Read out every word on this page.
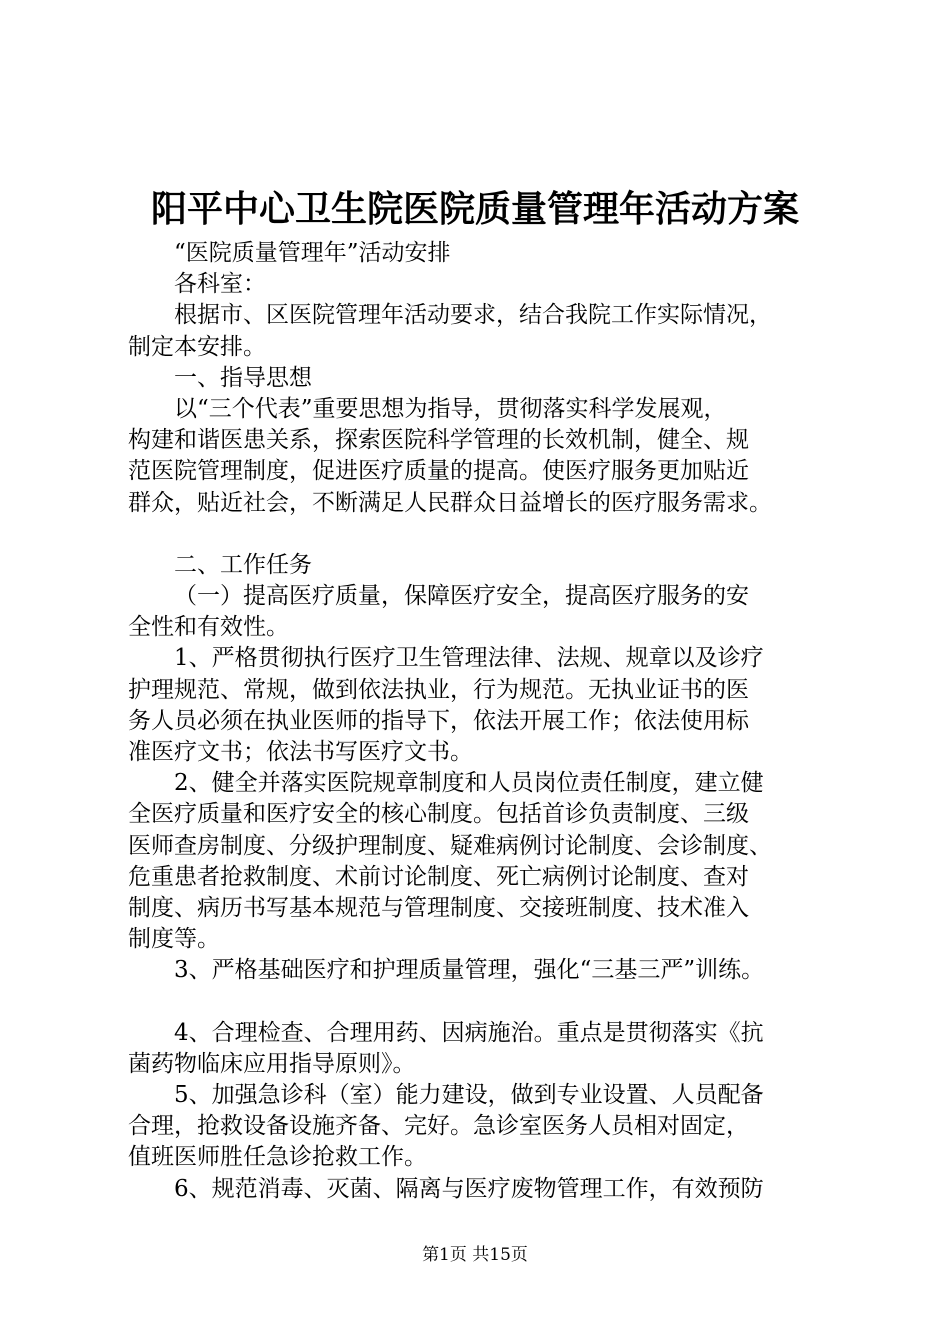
阳平中心卫生院医院质量管理年活动方案
“医院质量管理年”活动安排
各科室：
根据市、区医院管理年活动要求，结合我院工作实际情况，
制定本安排。
一、指导思想
以“三个代表”重要思想为指导，贯彻落实科学发展观，
构建和谐医患关系，探索医院科学管理的长效机制，健全、规
范医院管理制度，促进医疗质量的提高。使医疗服务更加贴近
群众，贴近社会，不断满足人民群众日益增长的医疗服务需求。
二、工作任务
（一）提高医疗质量，保障医疗安全，提高医疗服务的安
全性和有效性。
1、严格贯彻执行医疗卫生管理法律、法规、规章以及诊疗
护理规范、常规，做到依法执业，行为规范。无执业证书的医
务人员必须在执业医师的指导下，依法开展工作；依法使用标
准医疗文书；依法书写医疗文书。
2、健全并落实医院规章制度和人员岗位责任制度，建立健
全医疗质量和医疗安全的核心制度。包括首诊负责制度、三级
医师查房制度、分级护理制度、疑难病例讨论制度、会诊制度、
危重患者抢救制度、术前讨论制度、死亡病例讨论制度、查对
制度、病历书写基本规范与管理制度、交接班制度、技术准入
制度等。
3、严格基础医疗和护理质量管理，强化“三基三严”训练。
4、合理检查、合理用药、因病施治。重点是贯彻落实《抗
菌药物临床应用指导原则》。
5、加强急诊科（室）能力建设，做到专业设置、人员配备
合理，抢救设备设施齐备、完好。急诊室医务人员相对固定，
值班医师胜任急诊抢救工作。
6、规范消毒、灭菌、隔离与医疗废物管理工作，有效预防
第1页 共15页
